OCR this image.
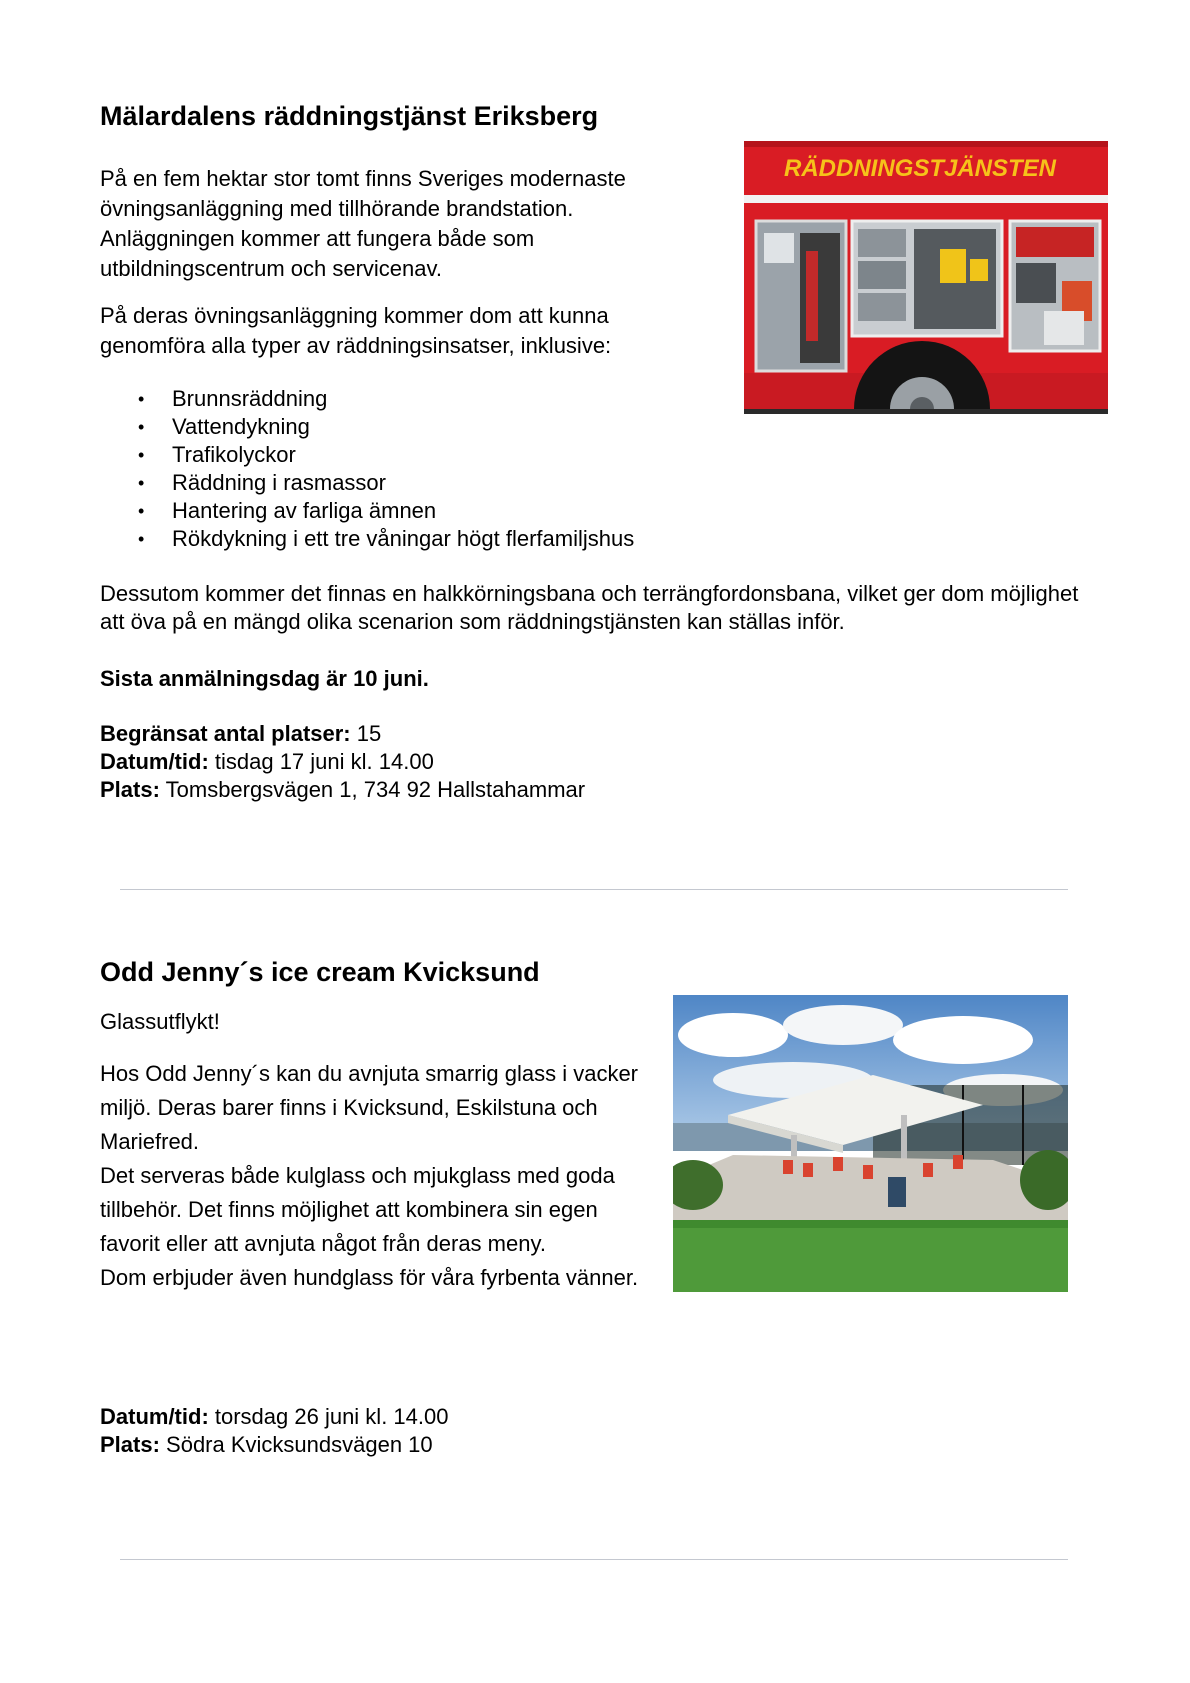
Mälardalens räddningstjänst Eriksberg

På en fem hektar stor tomt finns Sveriges modernaste övningsanläggning med tillhörande brandstation. Anläggningen kommer att fungera både som utbildningscentrum och servicenav.

På deras övningsanläggning kommer dom att kunna genomföra alla typer av räddningsinsatser, inklusive:

• Brunnsräddning
• Vattendykning
• Trafikolyckor
• Räddning i rasmassor
• Hantering av farliga ämnen
• Rökdykning i ett tre våningar högt flerfamiljshus
Dessutom kommer det finnas en halkkörningsbana och terrängfordonsbana, vilket ger dom möjlighet att öva på en mängd olika scenarion som räddningstjänsten kan ställas inför.
Sista anmälningsdag är 10 juni.
Begränsat antal platser: 15
Datum/tid: tisdag 17 juni kl. 14.00
Plats: Tomsbergsvägen 1, 734 92 Hallstahammar
RÄDDNINGSTJÄNSTEN
Odd Jenny´s ice cream Kvicksund
Glassutflykt!

Hos Odd Jenny´s kan du avnjuta smarrig glass i vacker miljö. Deras barer finns i Kvicksund, Eskilstuna och Mariefred.

Det serveras både kulglass och mjukglass med goda tillbehör. Det finns möjlighet att kombinera sin egen favorit eller att avnjuta något från deras meny.

Dom erbjuder även hundglass för våra fyrbenta vänner.

Datum/tid: torsdag 26 juni kl. 14.00
Plats: Södra Kvicksundsvägen 10
